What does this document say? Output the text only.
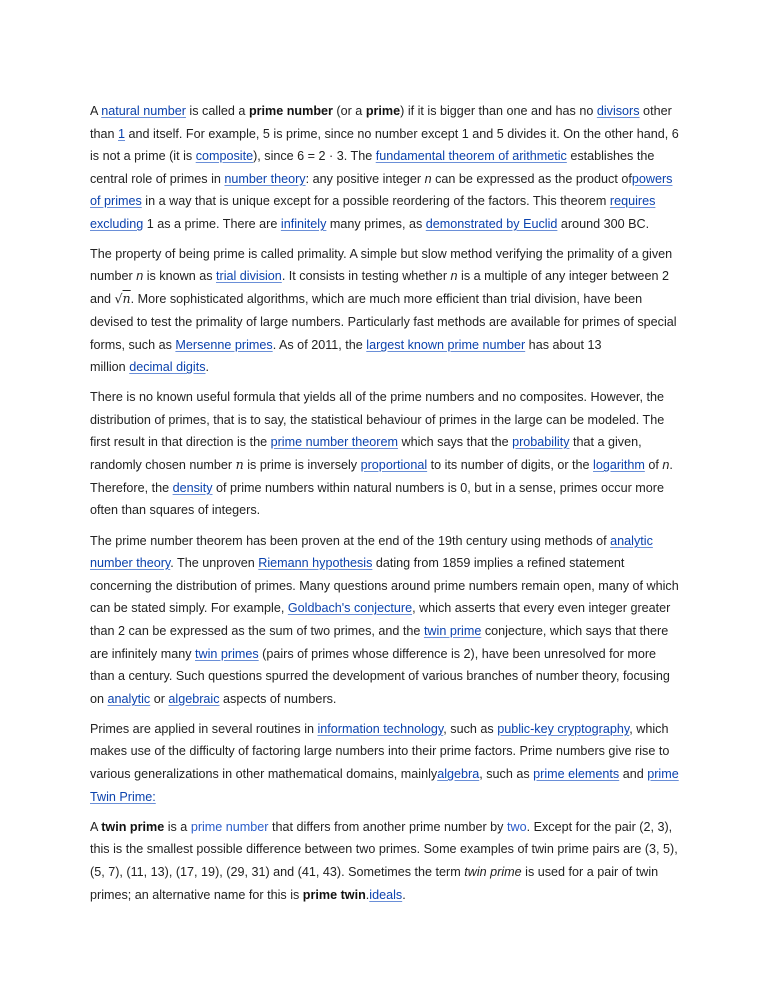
A natural number is called a prime number (or a prime) if it is bigger than one and has no divisors other
than 1 and itself. For example, 5 is prime, since no number except 1 and 5 divides it. On the other hand, 6
is not a prime (it is composite), since 6 = 2 · 3. The fundamental theorem of arithmetic establishes the
central role of primes in number theory: any positive integer n can be expressed as the product ofpowers
of primes in a way that is unique except for a possible reordering of the factors. This theorem requires
excluding 1 as a prime. There are infinitely many primes, as demonstrated by Euclid around 300 BC.
The property of being prime is called primality. A simple but slow method verifying the primality of a given
number n is known as trial division. It consists in testing whether n is a multiple of any integer between 2
and √n. More sophisticated algorithms, which are much more efficient than trial division, have been
devised to test the primality of large numbers. Particularly fast methods are available for primes of special
forms, such as Mersenne primes. As of 2011, the largest known prime number has about 13
million decimal digits.
There is no known useful formula that yields all of the prime numbers and no composites. However, the
distribution of primes, that is to say, the statistical behaviour of primes in the large can be modeled. The
first result in that direction is the prime number theorem which says that the probability that a given,
randomly chosen number n is prime is inversely proportional to its number of digits, or the logarithm of n.
Therefore, the density of prime numbers within natural numbers is 0, but in a sense, primes occur more
often than squares of integers.
The prime number theorem has been proven at the end of the 19th century using methods of analytic
number theory. The unproven Riemann hypothesis dating from 1859 implies a refined statement
concerning the distribution of primes. Many questions around prime numbers remain open, many of which
can be stated simply. For example, Goldbach's conjecture, which asserts that every even integer greater
than 2 can be expressed as the sum of two primes, and the twin prime conjecture, which says that there
are infinitely many twin primes (pairs of primes whose difference is 2), have been unresolved for more
than a century. Such questions spurred the development of various branches of number theory, focusing
on analytic or algebraic aspects of numbers.
Primes are applied in several routines in information technology, such as public-key cryptography, which
makes use of the difficulty of factoring large numbers into their prime factors. Prime numbers give rise to
various generalizations in other mathematical domains, mainlyalgebra, such as prime elements and prime
Twin Prime:
A twin prime is a prime number that differs from another prime number by two. Except for the pair (2, 3),
this is the smallest possible difference between two primes. Some examples of twin prime pairs are (3, 5),
(5, 7), (11, 13), (17, 19), (29, 31) and (41, 43). Sometimes the term twin prime is used for a pair of twin
primes; an alternative name for this is prime twin.ideals.
